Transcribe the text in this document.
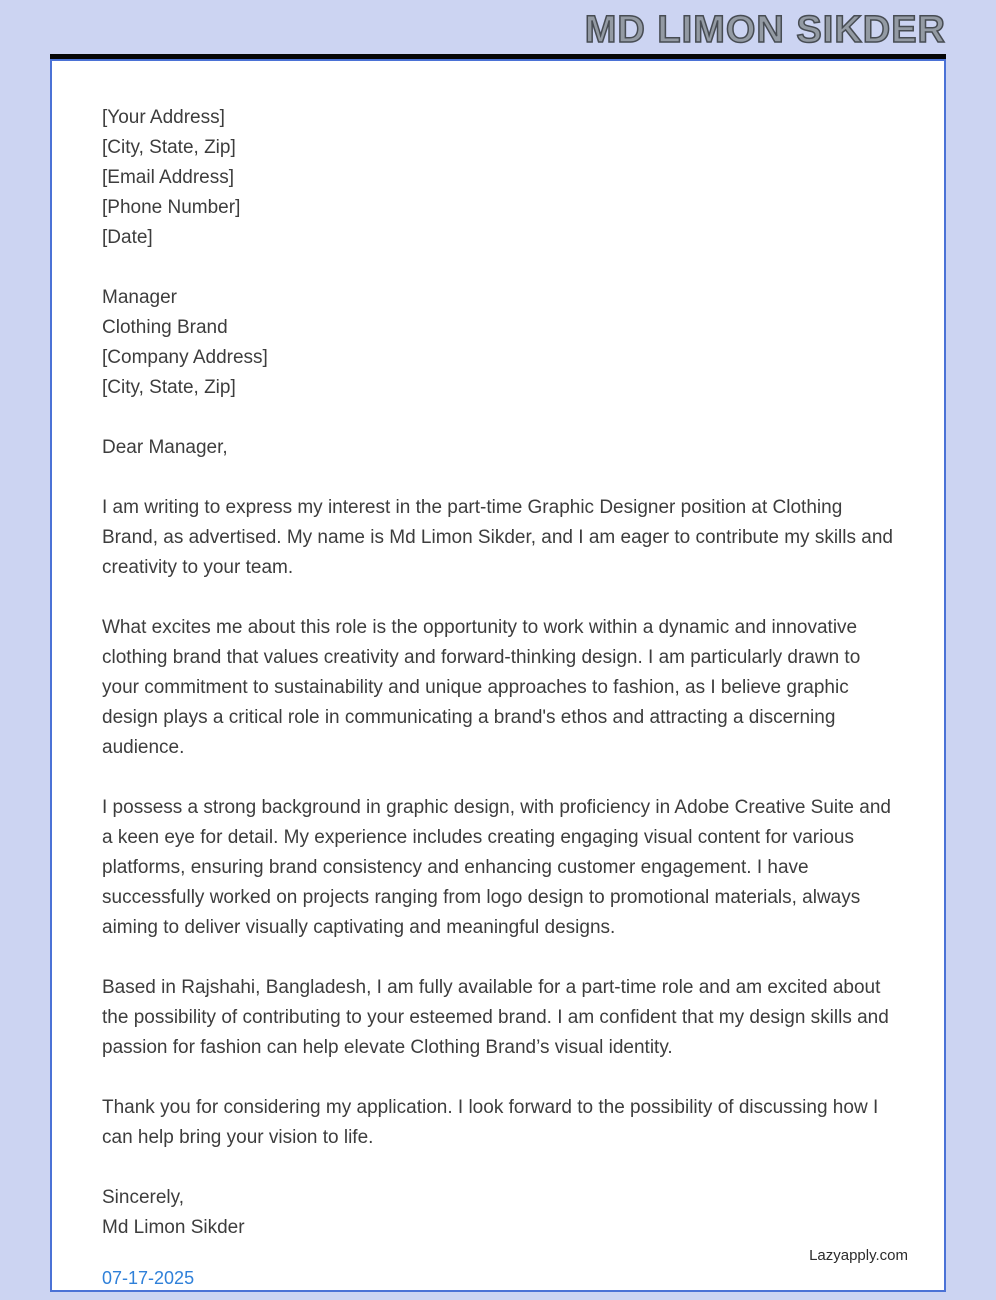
MD LIMON SIKDER
[Your Address]
[City, State, Zip]
[Email Address]
[Phone Number]
[Date]
Manager
Clothing Brand
[Company Address]
[City, State, Zip]

Dear Manager,

I am writing to express my interest in the part-time Graphic Designer position at Clothing Brand, as advertised. My name is Md Limon Sikder, and I am eager to contribute my skills and creativity to your team.

What excites me about this role is the opportunity to work within a dynamic and innovative clothing brand that values creativity and forward-thinking design. I am particularly drawn to your commitment to sustainability and unique approaches to fashion, as I believe graphic design plays a critical role in communicating a brand's ethos and attracting a discerning audience.

I possess a strong background in graphic design, with proficiency in Adobe Creative Suite and a keen eye for detail. My experience includes creating engaging visual content for various platforms, ensuring brand consistency and enhancing customer engagement. I have successfully worked on projects ranging from logo design to promotional materials, always aiming to deliver visually captivating and meaningful designs.

Based in Rajshahi, Bangladesh, I am fully available for a part-time role and am excited about the possibility of contributing to your esteemed brand. I am confident that my design skills and passion for fashion can help elevate Clothing Brand’s visual identity.

Thank you for considering my application. I look forward to the possibility of discussing how I can help bring your vision to life.

Sincerely,
Md Limon Sikder
07-17-2025
Lazyapply.com
